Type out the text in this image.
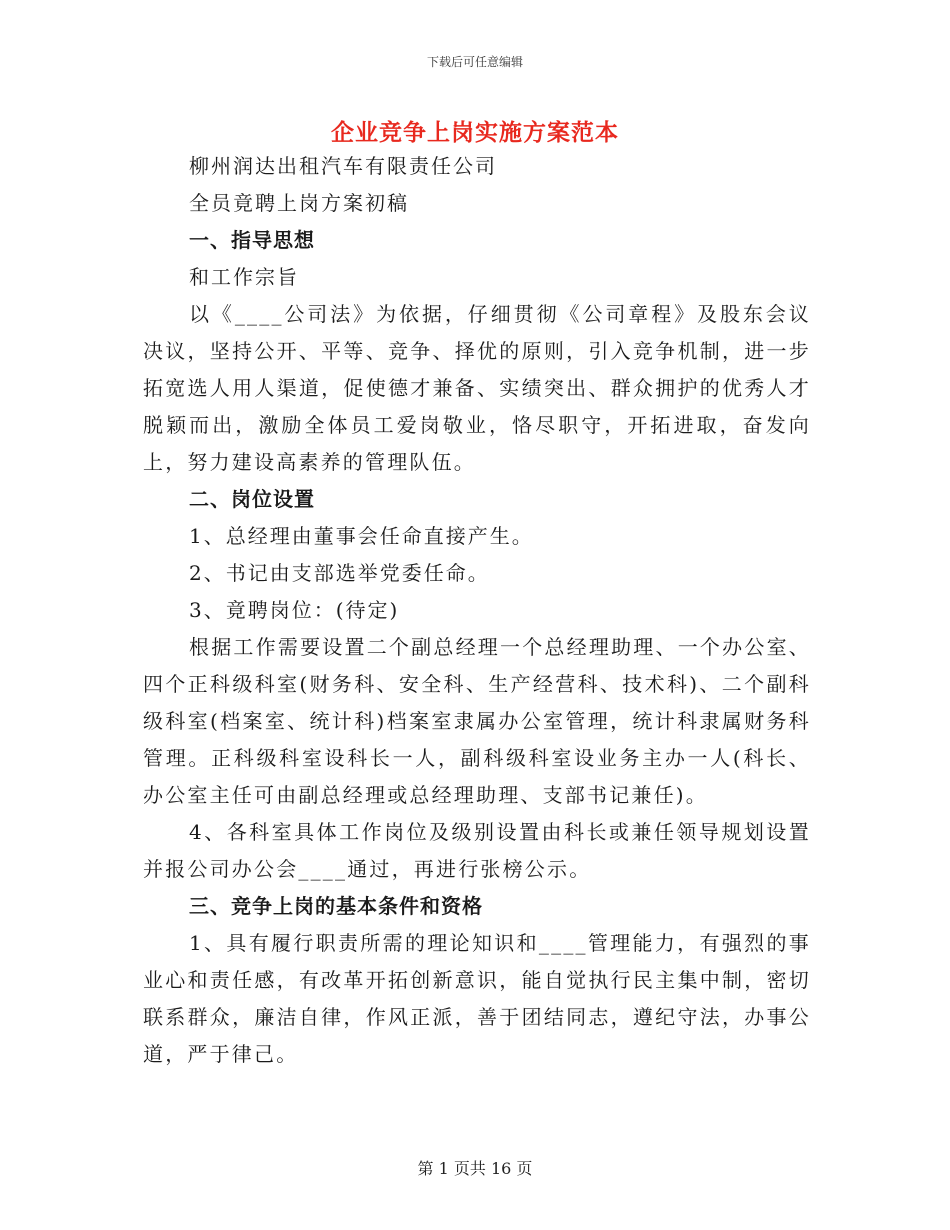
下载后可任意编辑
企业竞争上岗实施方案范本

柳州润达出租汽车有限责任公司

全员竟聘上岗方案初稿

一、指导思想

和工作宗旨

以《____公司法》为依据，仔细贯彻《公司章程》及股东会议决议，坚持公开、平等、竞争、择优的原则，引入竞争机制，进一步拓宽选人用人渠道，促使德才兼备、实绩突出、群众拥护的优秀人才脱颖而出，激励全体员工爱岗敬业，恪尽职守，开拓进取，奋发向上，努力建设高素养的管理队伍。

二、岗位设置

1、总经理由董事会任命直接产生。

2、书记由支部选举党委任命。

3、竟聘岗位：(待定)

根据工作需要设置二个副总经理一个总经理助理、一个办公室、四个正科级科室(财务科、安全科、生产经营科、技术科)、二个副科级科室(档案室、统计科)档案室隶属办公室管理，统计科隶属财务科管理。正科级科室设科长一人，副科级科室设业务主办一人(科长、办公室主任可由副总经理或总经理助理、支部书记兼任)。

4、各科室具体工作岗位及级别设置由科长或兼任领导规划设置并报公司办公会____通过，再进行张榜公示。

三、竞争上岗的基本条件和资格

1、具有履行职责所需的理论知识和____管理能力，有强烈的事业心和责任感，有改革开拓创新意识，能自觉执行民主集中制，密切联系群众，廉洁自律，作风正派，善于团结同志，遵纪守法，办事公道，严于律己。

第 1 页共 16 页
